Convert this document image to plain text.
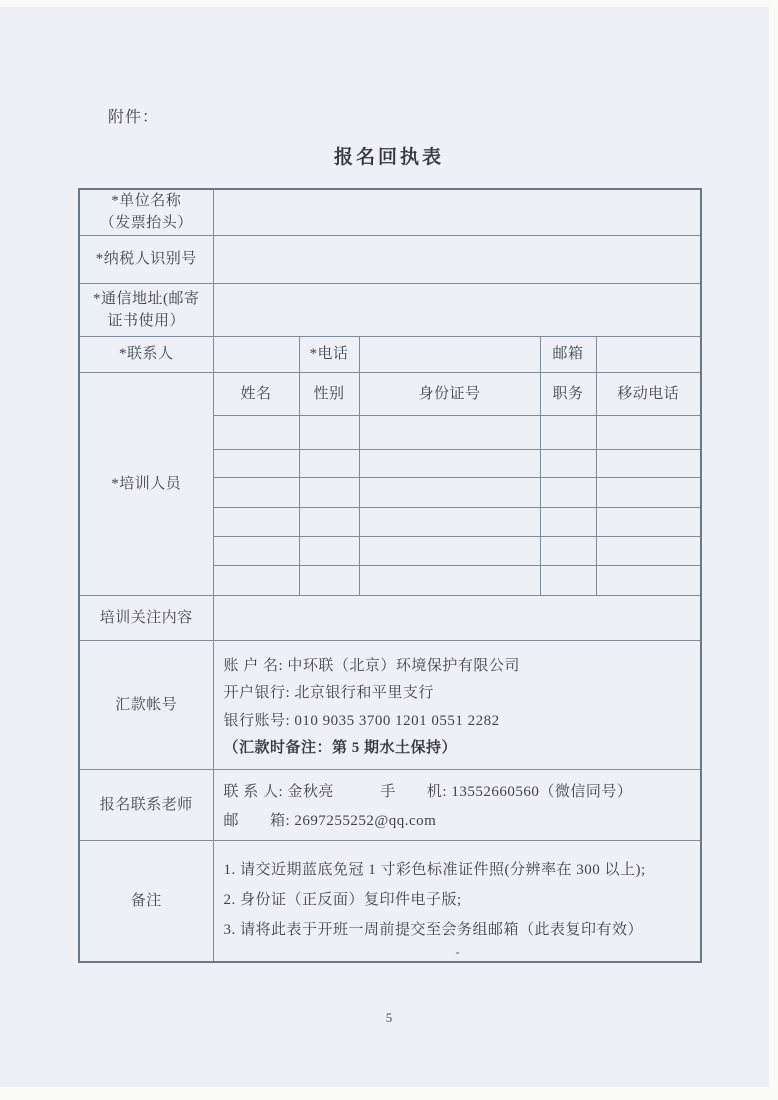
附件：
报名回执表
*单位名称
（发票抬头）					

*纳税人识别号					

*通信地址(邮寄
证书使用）					

*联系人		*电话		邮箱	
*培训人员	姓名	性别	身份证号	职务	移动电话

培训关注内容					
汇款帐号	账 户 名: 中环联（北京）环境保护有限公司
开户银行: 北京银行和平里支行
银行账号: 010 9035 3700 1201 0551 2282
（汇款时备注：第 5 期水土保持）				

报名联系老师	联 系 人: 金秋亮　　　手　　机: 13552660560（微信同号）
邮　　箱: 2697255252@qq.com				

备注	1. 请交近期蓝底免冠 1 寸彩色标准证件照(分辨率在 300 以上);
2. 身份证（正反面）复印件电子版;
3. 请将此表于开班一周前提交至会务组邮箱（此表复印有效）
-				
5
